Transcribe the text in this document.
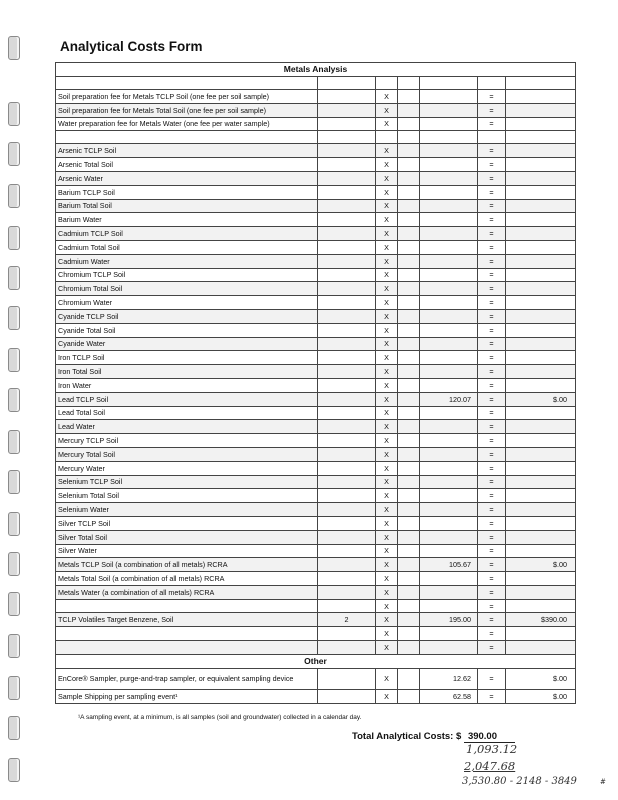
Analytical Costs Form
Metals Analysis						

Soil preparation fee for Metals TCLP Soil (one fee per soil sample)		X			=	
Soil preparation fee for Metals Total Soil (one fee per soil sample)		X			=	
Water preparation fee for Metals Water (one fee per water sample)		X			=	

Arsenic TCLP Soil		X			=	
Arsenic Total Soil		X			=	
Arsenic Water		X			=	
Barium TCLP Soil		X			=	
Barium Total Soil		X			=	
Barium Water		X			=	
Cadmium TCLP Soil		X			=	
Cadmium Total Soil		X			=	
Cadmium Water		X			=	
Chromium TCLP Soil		X			=	
Chromium Total Soil		X			=	
Chromium Water		X			=	
Cyanide TCLP Soil		X			=	
Cyanide Total Soil		X			=	
Cyanide Water		X			=	
Iron TCLP Soil		X			=	
Iron Total Soil		X			=	
Iron Water		X			=	
Lead TCLP Soil		X		120.07	=	$.00
Lead Total Soil		X			=	
Lead Water		X			=	
Mercury TCLP Soil		X			=	
Mercury Total Soil		X			=	
Mercury Water		X			=	
Selenium TCLP Soil		X			=	
Selenium Total Soil		X			=	
Selenium Water		X			=	
Silver TCLP Soil		X			=	
Silver Total Soil		X			=	
Silver Water		X			=	
Metals TCLP Soil (a combination of all metals) RCRA		X		105.67	=	$.00
Metals Total Soil (a combination of all metals) RCRA		X			=	
Metals Water (a combination of all metals) RCRA		X			=	
		X			=	
TCLP Volatiles Target Benzene, Soil	2	X		195.00	=	$390.00
		X			=	
		X			=	
Other						
EnCore® Sampler, purge-and-trap sampler, or equivalent sampling device		X		12.62	=	$.00
Sample Shipping per sampling event¹		X		62.58	=	$.00
¹A sampling event, at a minimum, is all samples (soil and groundwater) collected in a calendar day.
Total Analytical Costs: $ 390.00
1,093.12
2,047.68
3,530.80 - 2148 - 3849	#
